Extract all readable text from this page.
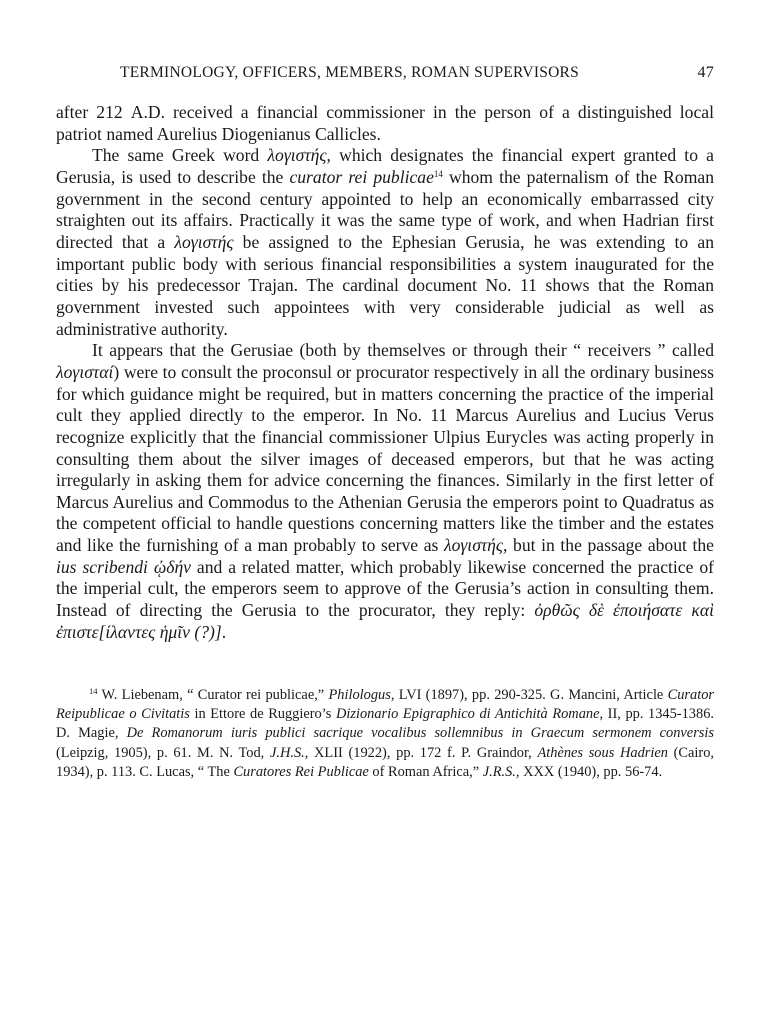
TERMINOLOGY, OFFICERS, MEMBERS, ROMAN SUPERVISORS	47

after 212 A.D. received a financial commissioner in the person of a distinguished local patriot named Aurelius Diogenianus Callicles.

The same Greek word λογιστής, which designates the financial expert granted to a Gerusia, is used to describe the curator rei publicae$^{14}$ whom the paternalism of the Roman government in the second century appointed to help an economically embarrassed city straighten out its affairs. Practically it was the same type of work, and when Hadrian first directed that a λογιστής be assigned to the Ephesian Gerusia, he was extending to an important public body with serious financial responsibilities a system inaugurated for the cities by his predecessor Trajan. The cardinal document No. 11 shows that the Roman government invested such appointees with very considerable judicial as well as administrative authority.

It appears that the Gerusiae (both by themselves or through their “ receivers ” called λογισταί) were to consult the proconsul or procurator respectively in all the ordinary business for which guidance might be required, but in matters concerning the practice of the imperial cult they applied directly to the emperor. In No. 11 Marcus Aurelius and Lucius Verus recognize explicitly that the financial commissioner Ulpius Eurycles was acting properly in consulting them about the silver images of deceased emperors, but that he was acting irregularly in asking them for advice concerning the finances. Similarly in the first letter of Marcus Aurelius and Commodus to the Athenian Gerusia the emperors point to Quadratus as the competent official to handle questions concerning matters like the timber and the estates and like the furnishing of a man probably to serve as λογιστής, but in the passage about the ius scribendi ᾠδήν and a related matter, which probably likewise concerned the practice of the imperial cult, the emperors seem to approve of the Gerusia’s action in consulting them. Instead of directing the Gerusia to the procurator, they reply: ὀρθῶς δὲ ἐποιήσατε καὶ ἐπιστε[ίλαντες ἡμῖν (?)].

$^{14}$ W. Liebenam, “ Curator rei publicae,” Philologus, LVI (1897), pp. 290-325. G. Mancini, Article Curator Reipublicae o Civitatis in Ettore de Ruggiero’s Dizionario Epigraphico di Antichità Romane, II, pp. 1345-1386. D. Magie, De Romanorum iuris publici sacrique vocalibus sollemnibus in Graecum sermonem conversis (Leipzig, 1905), p. 61. M. N. Tod, J.H.S., XLII (1922), pp. 172 f. P. Graindor, Athènes sous Hadrien (Cairo, 1934), p. 113. C. Lucas, “ The Curatores Rei Publicae of Roman Africa,” J.R.S., XXX (1940), pp. 56-74.
